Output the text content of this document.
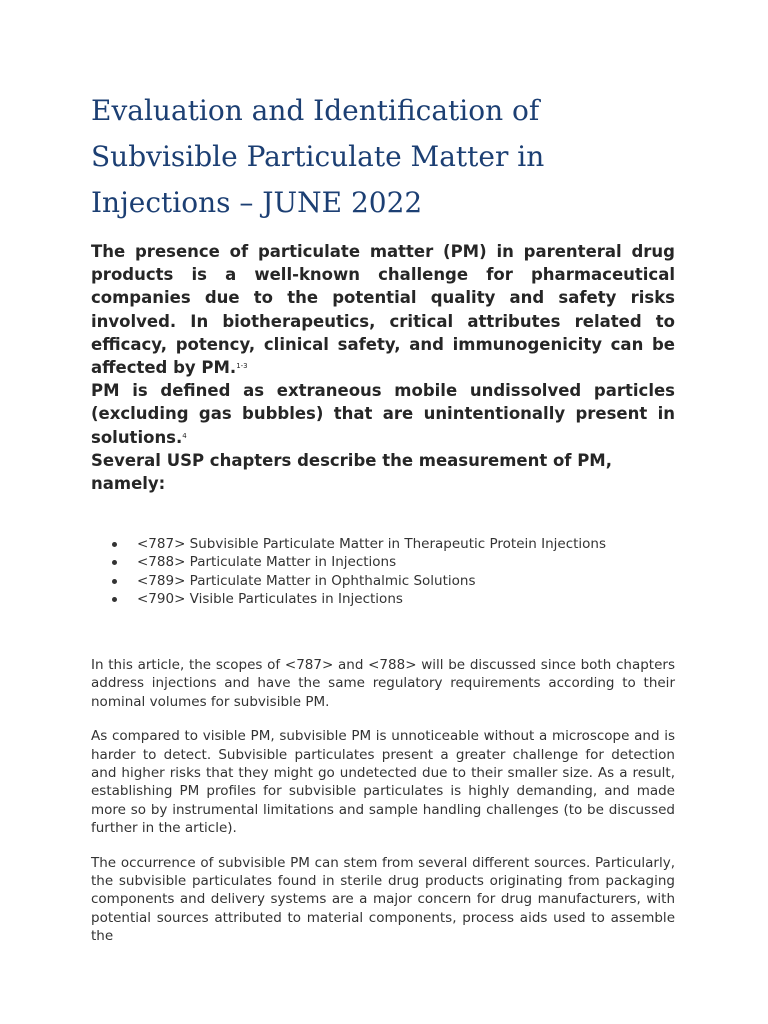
Evaluation and Identification of Subvisible Particulate Matter in Injections – JUNE 2022

The presence of particulate matter (PM) in parenteral drug products is a well-known challenge for pharmaceutical companies due to the potential quality and safety risks involved. In biotherapeutics, critical attributes related to efficacy, potency, clinical safety, and immunogenicity can be affected by PM.$^{1-3}$

PM is defined as extraneous mobile undissolved particles (excluding gas bubbles) that are unintentionally present in solutions.$^4$

Several USP chapters describe the measurement of PM, namely:

<787> Subvisible Particulate Matter in Therapeutic Protein Injections
<788> Particulate Matter in Injections
<789> Particulate Matter in Ophthalmic Solutions
<790> Visible Particulates in Injections

In this article, the scopes of <787> and <788> will be discussed since both chapters address injections and have the same regulatory requirements according to their nominal volumes for subvisible PM.

As compared to visible PM, subvisible PM is unnoticeable without a microscope and is harder to detect. Subvisible particulates present a greater challenge for detection and higher risks that they might go undetected due to their smaller size. As a result, establishing PM profiles for subvisible particulates is highly demanding, and made more so by instrumental limitations and sample handling challenges (to be discussed further in the article).

The occurrence of subvisible PM can stem from several different sources. Particularly, the subvisible particulates found in sterile drug products originating from packaging components and delivery systems are a major concern for drug manufacturers, with potential sources attributed to material components, process aids used to assemble the
